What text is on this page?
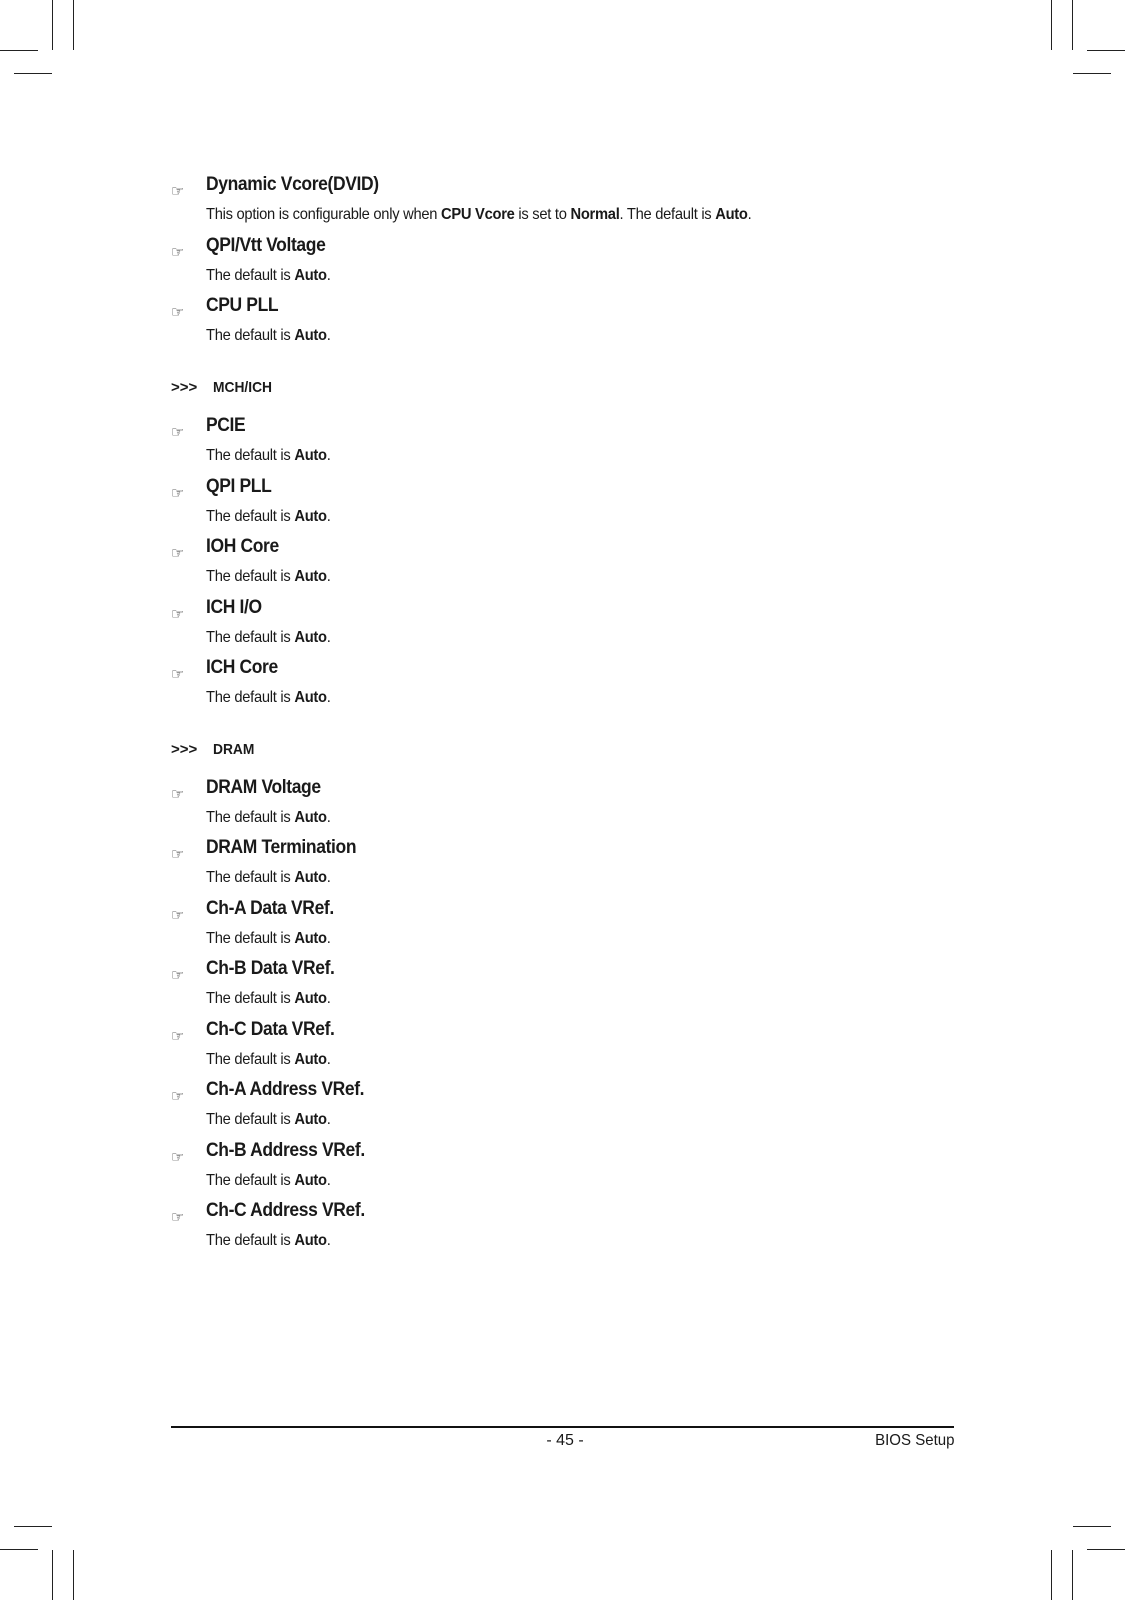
☞ Dynamic Vcore(DVID)
This option is configurable only when CPU Vcore is set to Normal. The default is Auto.
☞ QPI/Vtt Voltage
The default is Auto.
☞ CPU PLL
The default is Auto.
>>> MCH/ICH
☞ PCIE
The default is Auto.
☞ QPI PLL
The default is Auto.
☞ IOH Core
The default is Auto.
☞ ICH I/O
The default is Auto.
☞ ICH Core
The default is Auto.
>>> DRAM
☞ DRAM Voltage
The default is Auto.
☞ DRAM Termination
The default is Auto.
☞ Ch-A Data VRef.
The default is Auto.
☞ Ch-B Data VRef.
The default is Auto.
☞ Ch-C Data VRef.
The default is Auto.
☞ Ch-A Address VRef.
The default is Auto.
☞ Ch-B Address VRef.
The default is Auto.
☞ Ch-C Address VRef.
The default is Auto.
- 45 -	BIOS Setup
